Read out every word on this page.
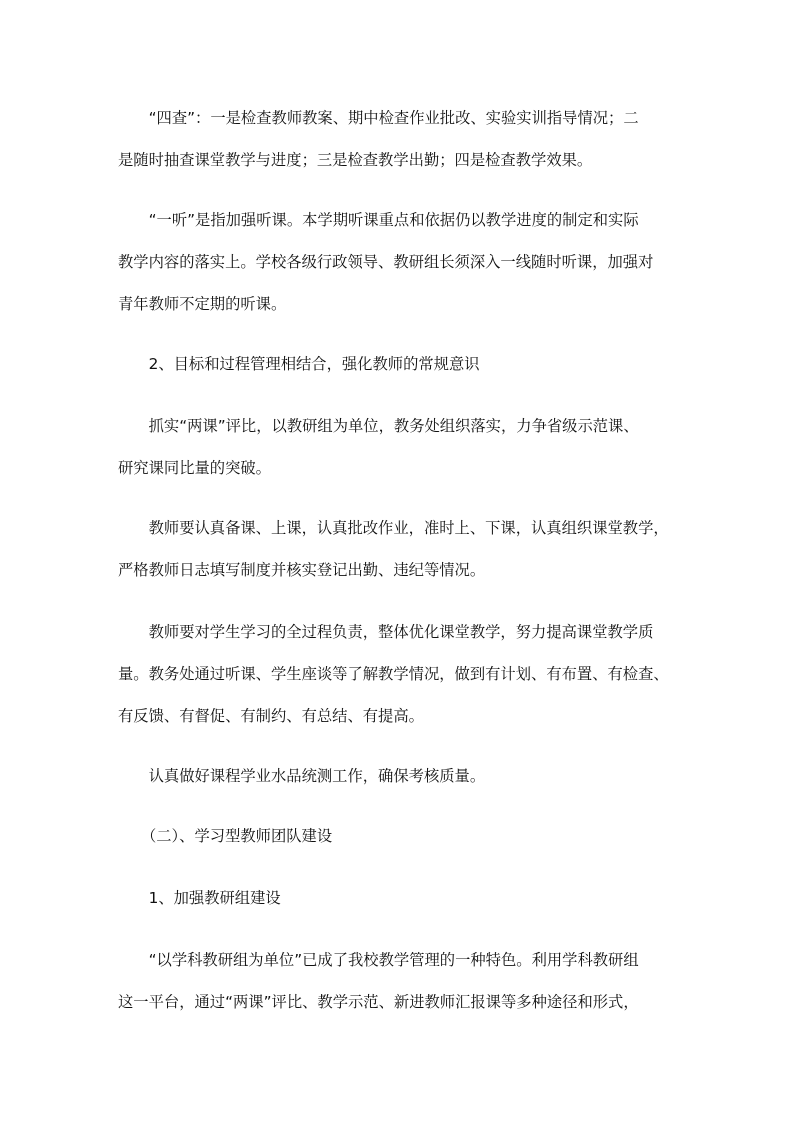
　　“四查”：一是检查教师教案、期中检查作业批改、实验实训指导情况；二

是随时抽查课堂教学与进度；三是检查教学出勤；四是检查教学效果。

　　“一听”是指加强听课。本学期听课重点和依据仍以教学进度的制定和实际

教学内容的落实上。学校各级行政领导、教研组长须深入一线随时听课，加强对

青年教师不定期的听课。

　　2、目标和过程管理相结合，强化教师的常规意识

　　抓实“两课”评比，以教研组为单位，教务处组织落实，力争省级示范课、

研究课同比量的突破。

　　教师要认真备课、上课，认真批改作业，准时上、下课，认真组织课堂教学，

严格教师日志填写制度并核实登记出勤、违纪等情况。

　　教师要对学生学习的全过程负责，整体优化课堂教学，努力提高课堂教学质

量。教务处通过听课、学生座谈等了解教学情况，做到有计划、有布置、有检查、

有反馈、有督促、有制约、有总结、有提高。

　　认真做好课程学业水品统测工作，确保考核质量。

　　（二）、学习型教师团队建设

　　1、加强教研组建设

　　“以学科教研组为单位”已成了我校教学管理的一种特色。利用学科教研组

这一平台，通过“两课”评比、教学示范、新进教师汇报课等多种途径和形式，
